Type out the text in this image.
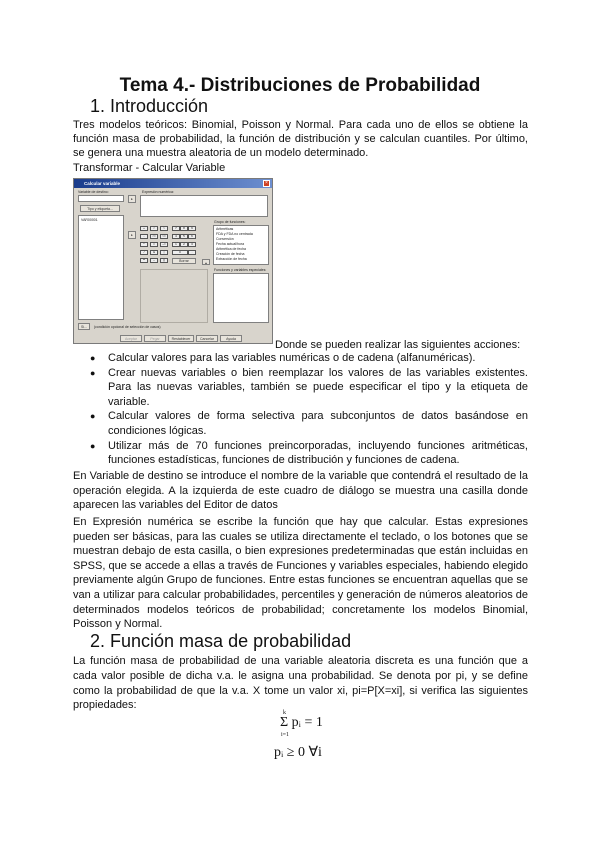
Tema 4.- Distribuciones de Probabilidad
1. Introducción
Tres modelos teóricos: Binomial, Poisson y Normal. Para cada uno de ellos se obtiene la
función masa de probabilidad, la función de distribución y se calculan cuantiles. Por último,
se genera una muestra aleatoria de un modelo determinado.
Transformar - Calcular Variable
Calcular variable	×
Variable de destino:
Tipo y etiqueta...
VAR00001
▸
Expresión numérica:
▸
+	<	>	7	8	9
-	<=	>=	4	5	6
*	=	~=	1	2	3
/	&	|	0	.
**	~	()	Borrar
Grupo de funciones:
Aritméticas
FDA y FDA no centrada
Conversión
Fecha actual/hora
Aritmética de fecha
Creación de fecha
Extracción de fecha
▴
Funciones y variables especiales:
Si...	(condición opcional de selección de casos)
Aceptar	Pegar	Restablecer	Cancelar	Ayuda	Donde se pueden realizar las siguientes acciones:
● Calcular valores para las variables numéricas o de cadena (alfanuméricas).
● Crear nuevas variables o bien reemplazar los valores de las variables existentes. Para las nuevas variables, también se puede especificar el tipo y la etiqueta de variable.
● Calcular valores de forma selectiva para subconjuntos de datos basándose en condiciones lógicas.
● Utilizar más de 70 funciones preincorporadas, incluyendo funciones aritméticas, funciones estadísticas, funciones de distribución y funciones de cadena.
En Variable de destino se introduce el nombre de la variable que contendrá el resultado de la operación elegida. A la izquierda de este cuadro de diálogo se muestra una casilla donde aparecen las variables del Editor de datos
En Expresión numérica se escribe la función que hay que calcular. Estas expresiones pueden ser básicas, para las cuales se utiliza directamente el teclado, o los botones que se muestran debajo de esta casilla, o bien expresiones predeterminadas que están incluidas en SPSS, que se accede a ellas a través de Funciones y variables especiales, habiendo elegido previamente algún Grupo de funciones. Entre estas funciones se encuentran aquellas que se van a utilizar para calcular probabilidades, percentiles y generación de números aleatorios de determinados modelos teóricos de probabilidad; concretamente los modelos Binomial, Poisson y Normal.
2. Función masa de probabilidad
La función masa de probabilidad de una variable aleatoria discreta es una función que a
cada valor posible de dicha v.a. le asigna una probabilidad. Se denota por pi, y se define
como la probabilidad de que la v.a. X tome un valor xi, pi=P[X=xi], si verifica las siguientes
propiedades:
k
Σ pᵢ = 1
i=1
pᵢ ≥ 0 ∀i
